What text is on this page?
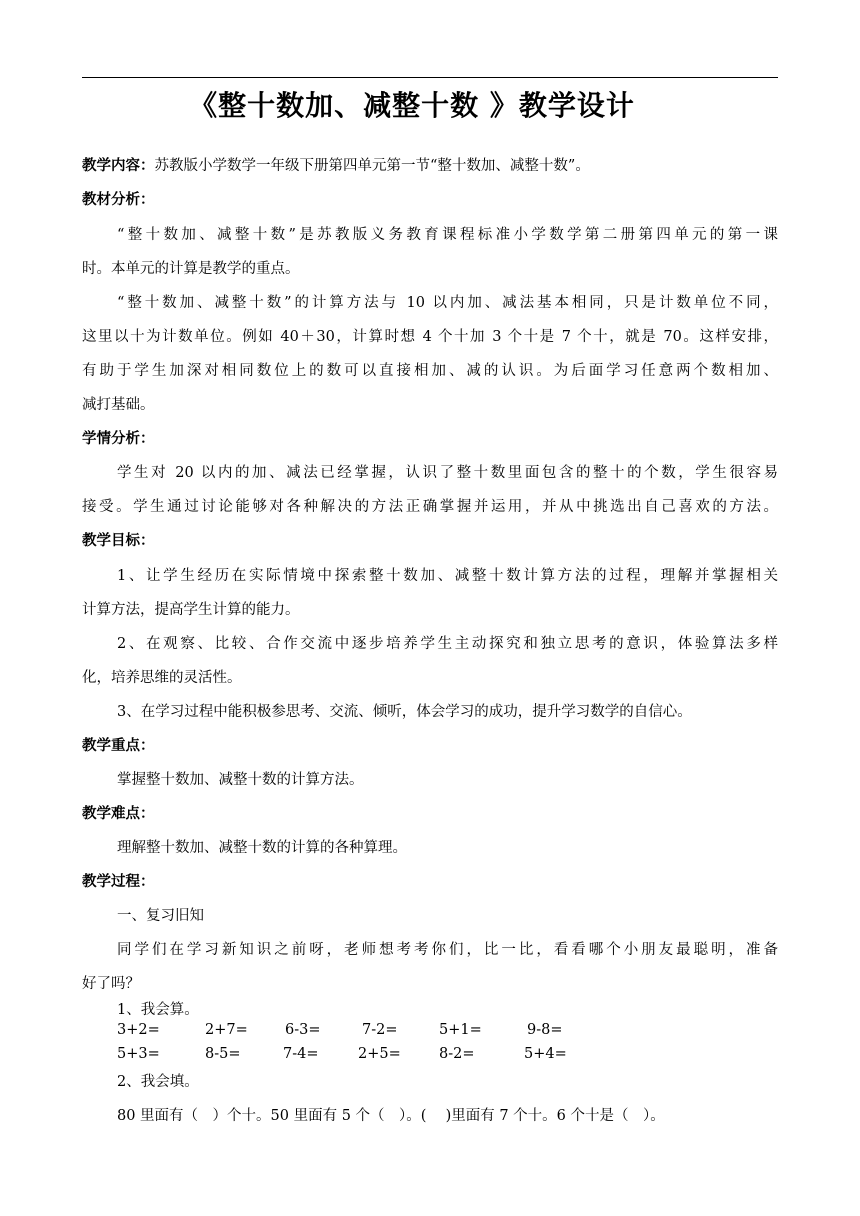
《整十数加、减整十数 》教学设计
教学内容：苏教版小学数学一年级下册第四单元第一节“整十数加、减整十数”。
教材分析：
“整十数加、减整十数”是苏教版义务教育课程标准小学数学第二册第四单元的第一课
时。本单元的计算是教学的重点。
“整十数加、减整十数”的计算方法与 10 以内加、减法基本相同，只是计数单位不同，
这里以十为计数单位。例如 40＋30，计算时想 4 个十加 3 个十是 7 个十，就是 70。这样安排，
有助于学生加深对相同数位上的数可以直接相加、减的认识。为后面学习任意两个数相加、
减打基础。
学情分析：
学生对 20 以内的加、减法已经掌握，认识了整十数里面包含的整十的个数，学生很容易
接受。学生通过讨论能够对各种解决的方法正确掌握并运用，并从中挑选出自己喜欢的方法。
教学目标：
1、让学生经历在实际情境中探索整十数加、减整十数计算方法的过程，理解并掌握相关
计算方法，提高学生计算的能力。
2、在观察、比较、合作交流中逐步培养学生主动探究和独立思考的意识，体验算法多样
化，培养思维的灵活性。
3、在学习过程中能积极参思考、交流、倾听，体会学习的成功，提升学习数学的自信心。
教学重点：
掌握整十数加、减整十数的计算方法。
教学难点：
理解整十数加、减整十数的计算的各种算理。
教学过程：
一、复习旧知
同学们在学习新知识之前呀，老师想考考你们，比一比，看看哪个小朋友最聪明，准备
好了吗？
1、我会算。
3+2=	2+7=	6-3=	7-2=	5+1=	9-8=
5+3=	8-5=	7-4=	2+5=	8-2=	5+4=
2、我会填。
80 里面有（　）个十。50 里面有 5 个（　）。(　 )里面有 7 个十。6 个十是（　）。
